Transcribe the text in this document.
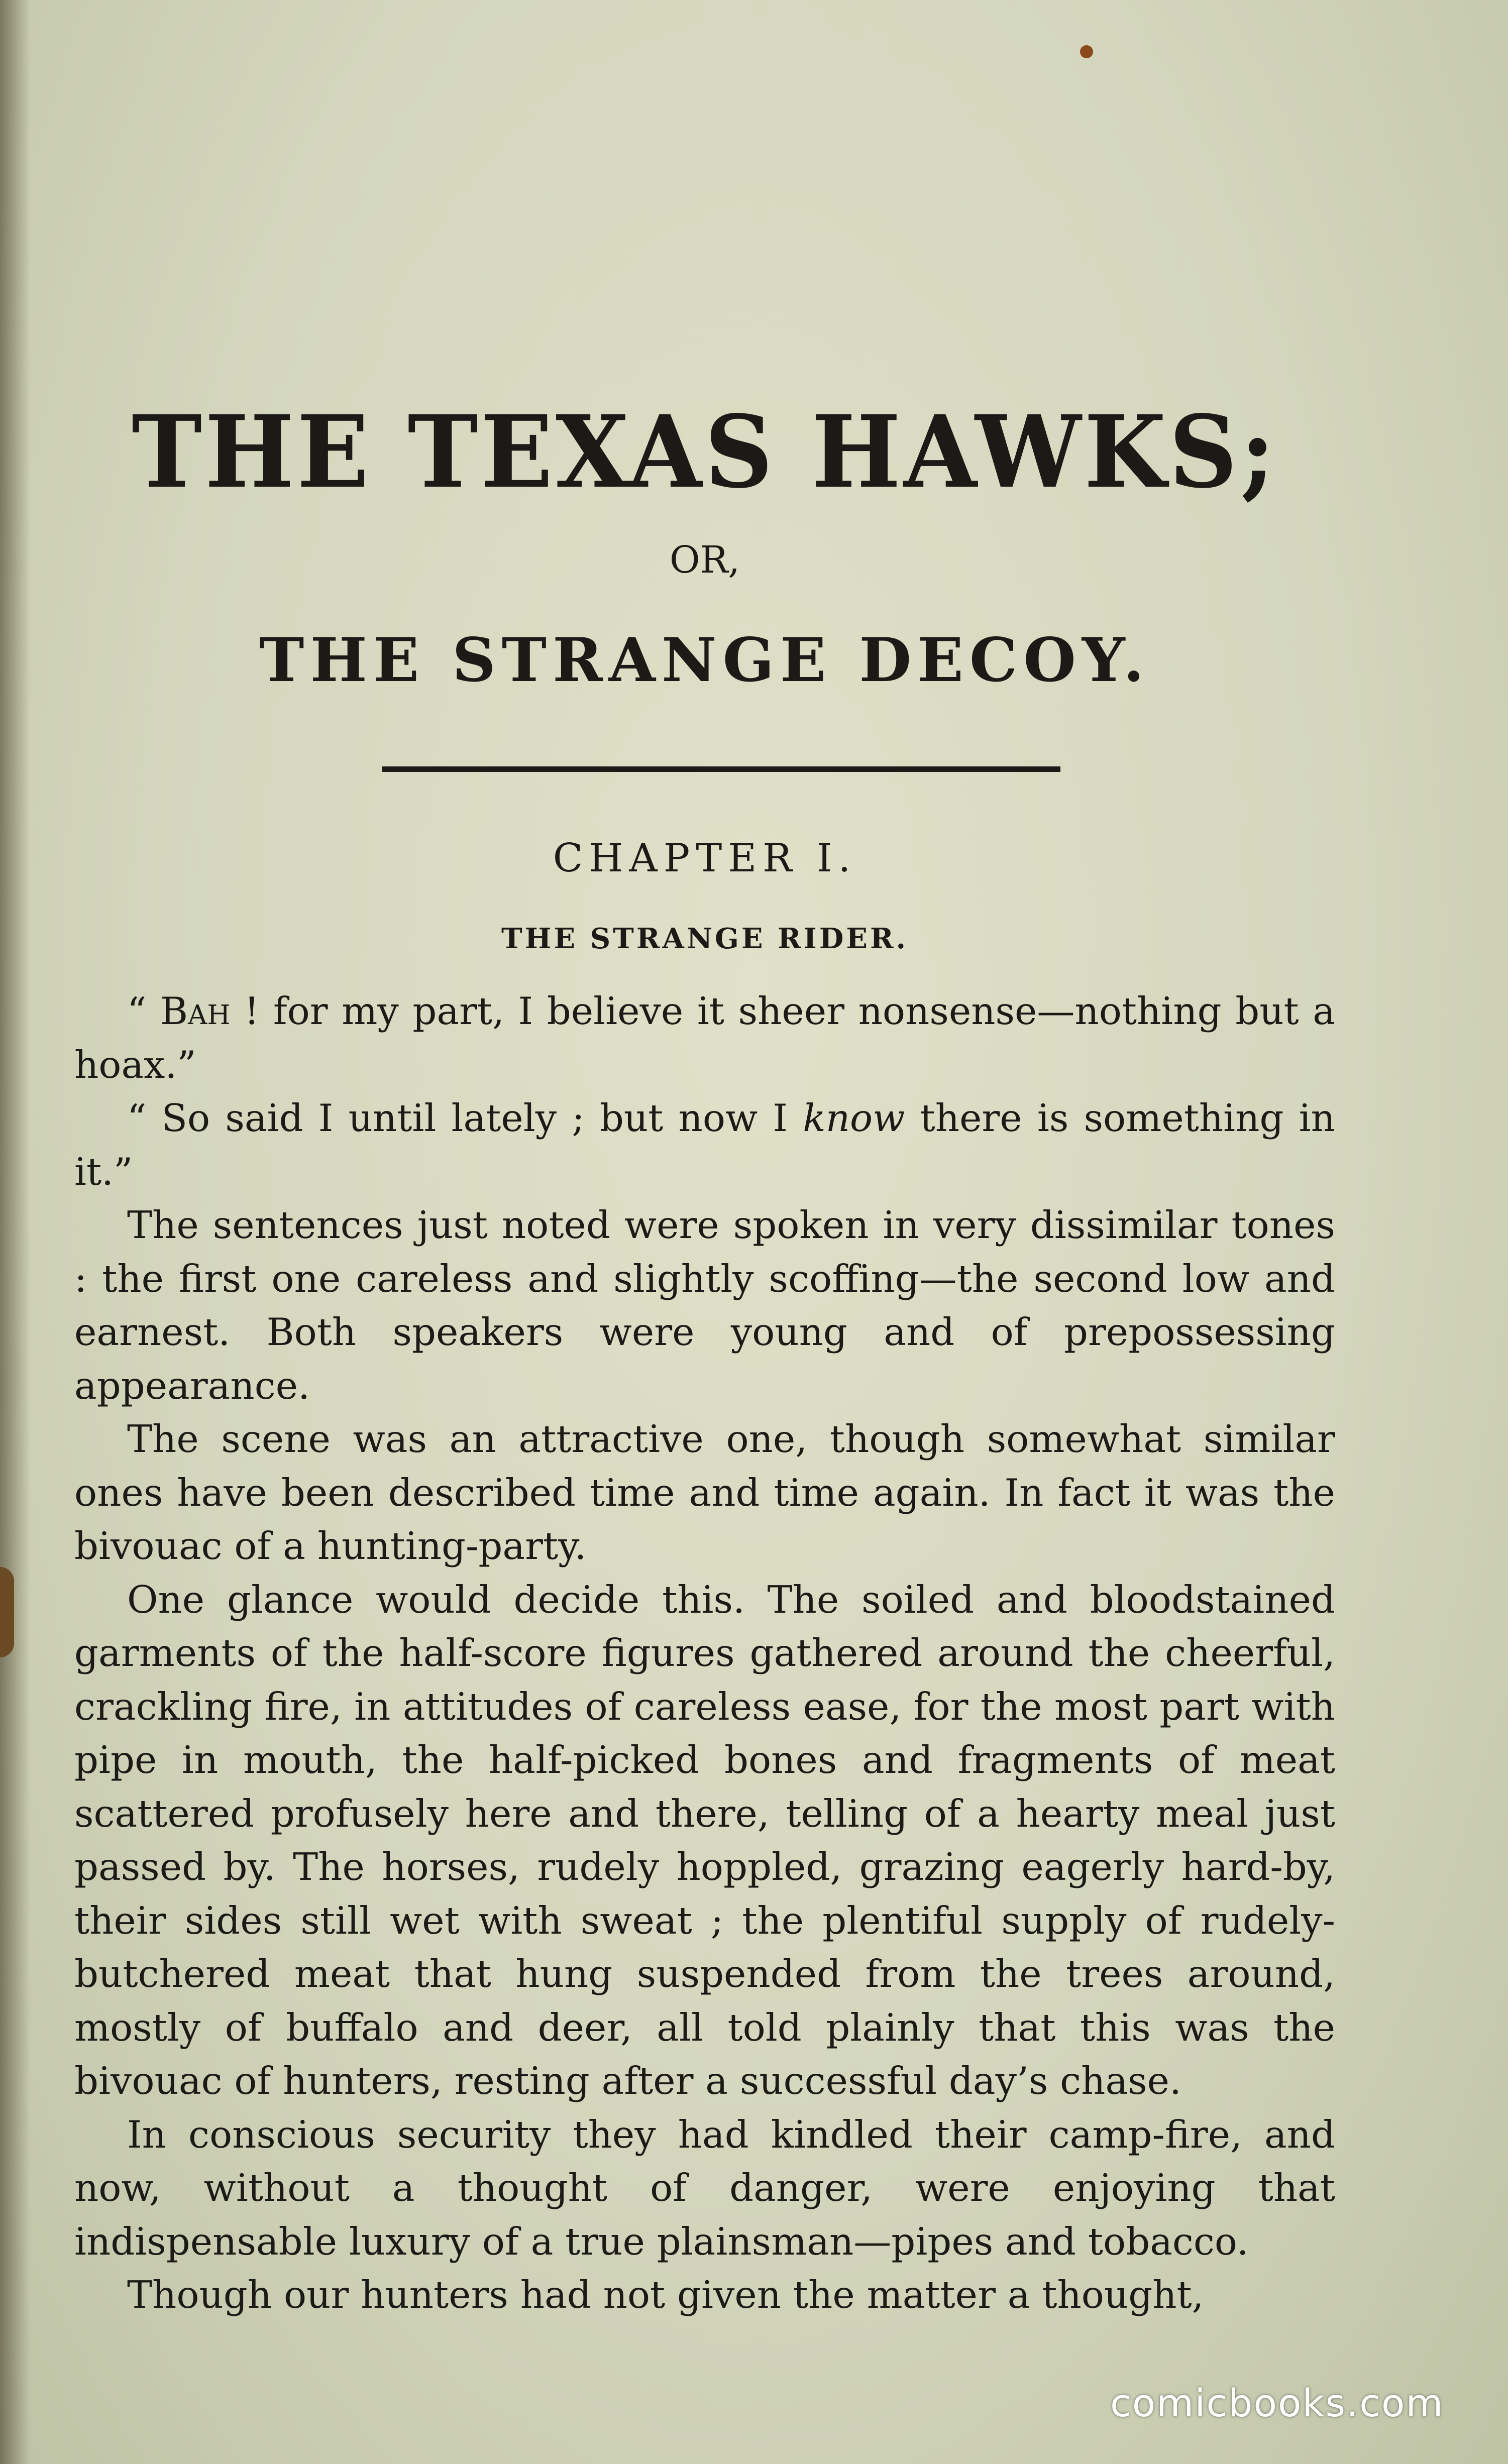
THE TEXAS HAWKS;
OR,
THE STRANGE DECOY.
CHAPTER I.
THE STRANGE RIDER.

“ Bah ! for my part, I believe it sheer nonsense—nothing but a hoax.”

“ So said I until lately ; but now I know there is something in it.”

The sentences just noted were spoken in very dissimilar tones : the first one careless and slightly scoffing—the second low and earnest. Both speakers were young and of prepossessing appearance.

The scene was an attractive one, though somewhat similar ones have been described time and time again. In fact it was the bivouac of a hunting-party.

One glance would decide this. The soiled and bloodstained garments of the half-score figures gathered around the cheerful, crackling fire, in attitudes of careless ease, for the most part with pipe in mouth, the half-picked bones and fragments of meat scattered profusely here and there, telling of a hearty meal just passed by. The horses, rudely hoppled, grazing eagerly hard-by, their sides still wet with sweat ; the plentiful supply of rudely-butchered meat that hung suspended from the trees around, mostly of buffalo and deer, all told plainly that this was the bivouac of hunters, resting after a successful day’s chase.

In conscious security they had kindled their camp-fire, and now, without a thought of danger, were enjoying that indispensable luxury of a true plainsman—pipes and tobacco.

Though our hunters had not given the matter a thought,

comicbooks.com
